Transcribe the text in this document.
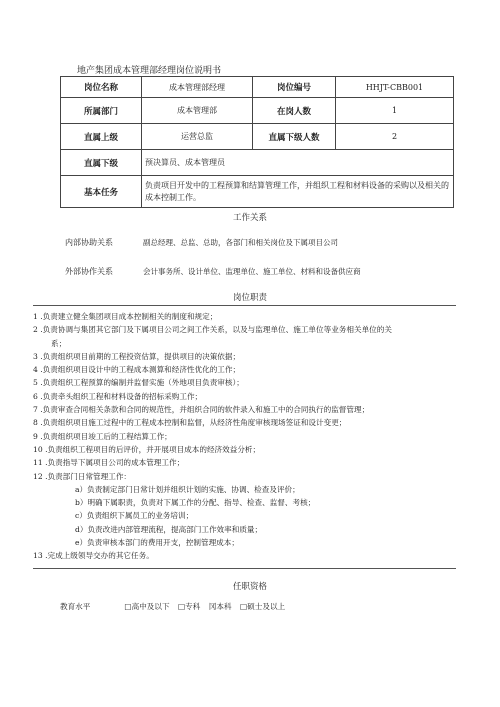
地产集团成本管理部经理岗位说明书
岗位名称	成本管理部经理	岗位编号	HHJT-CBB001
所属部门	成本管理部	在岗人数	1
直属上级	运营总监	直属下级人数	2
直属下级	预决算员、成本管理员		
基本任务	负责项目开发中的工程预算和结算管理工作，并组织工程和材料设备的采购以及相关的成本控制工作。		
工作关系
内部协助关系	副总经理、总监、总助，各部门和相关岗位及下属项目公司
外部协作关系	会计事务所、设计单位、监理单位、施工单位、材料和设备供应商
岗位职责
1 .负责建立健全集团项目成本控制相关的制度和规定；
2 .负责协调与集团其它部门及下属项目公司之间工作关系，以及与监理单位、施工单位等业务相关单位的关
系；
3 .负责组织项目前期的工程投资估算，提供项目的决策依据；
4 .负责组织项目设计中的工程成本测算和经济性优化的工作；
5 .负责组织工程预算的编制并监督实施（外地项目负责审核）；
6 .负责牵头组织工程和材料设备的招标采购工作；
7 .负责审查合同相关条款和合同的规范性，并组织合同的软件录入和施工中的合同执行的监督管理；
8 .负责组织项目施工过程中的工程成本控制和监督，从经济性角度审核现场签证和设计变更；
9 .负责组织项目竣工后的工程结算工作；
10 .负责组织工程项目的后评价，并开展项目成本的经济效益分析；
11 .负责指导下属项目公司的成本管理工作；
12 .负责部门日常管理工作：
a）负责制定部门日常计划并组织计划的实施、协调、检查及评价；
b）明确下属职责，负责对下属工作的分配、指导、检查、监督、考核；
c）负责组织下属员工的业务培训；
d）负责改进内部管理流程，提高部门工作效率和质量；
e）负责审核本部门的费用开支，控制管理成本；
13 .完成上级领导交办的其它任务。
任职资格
教育水平	□高中及以下 □专科 冈本科 □硕士及以上
